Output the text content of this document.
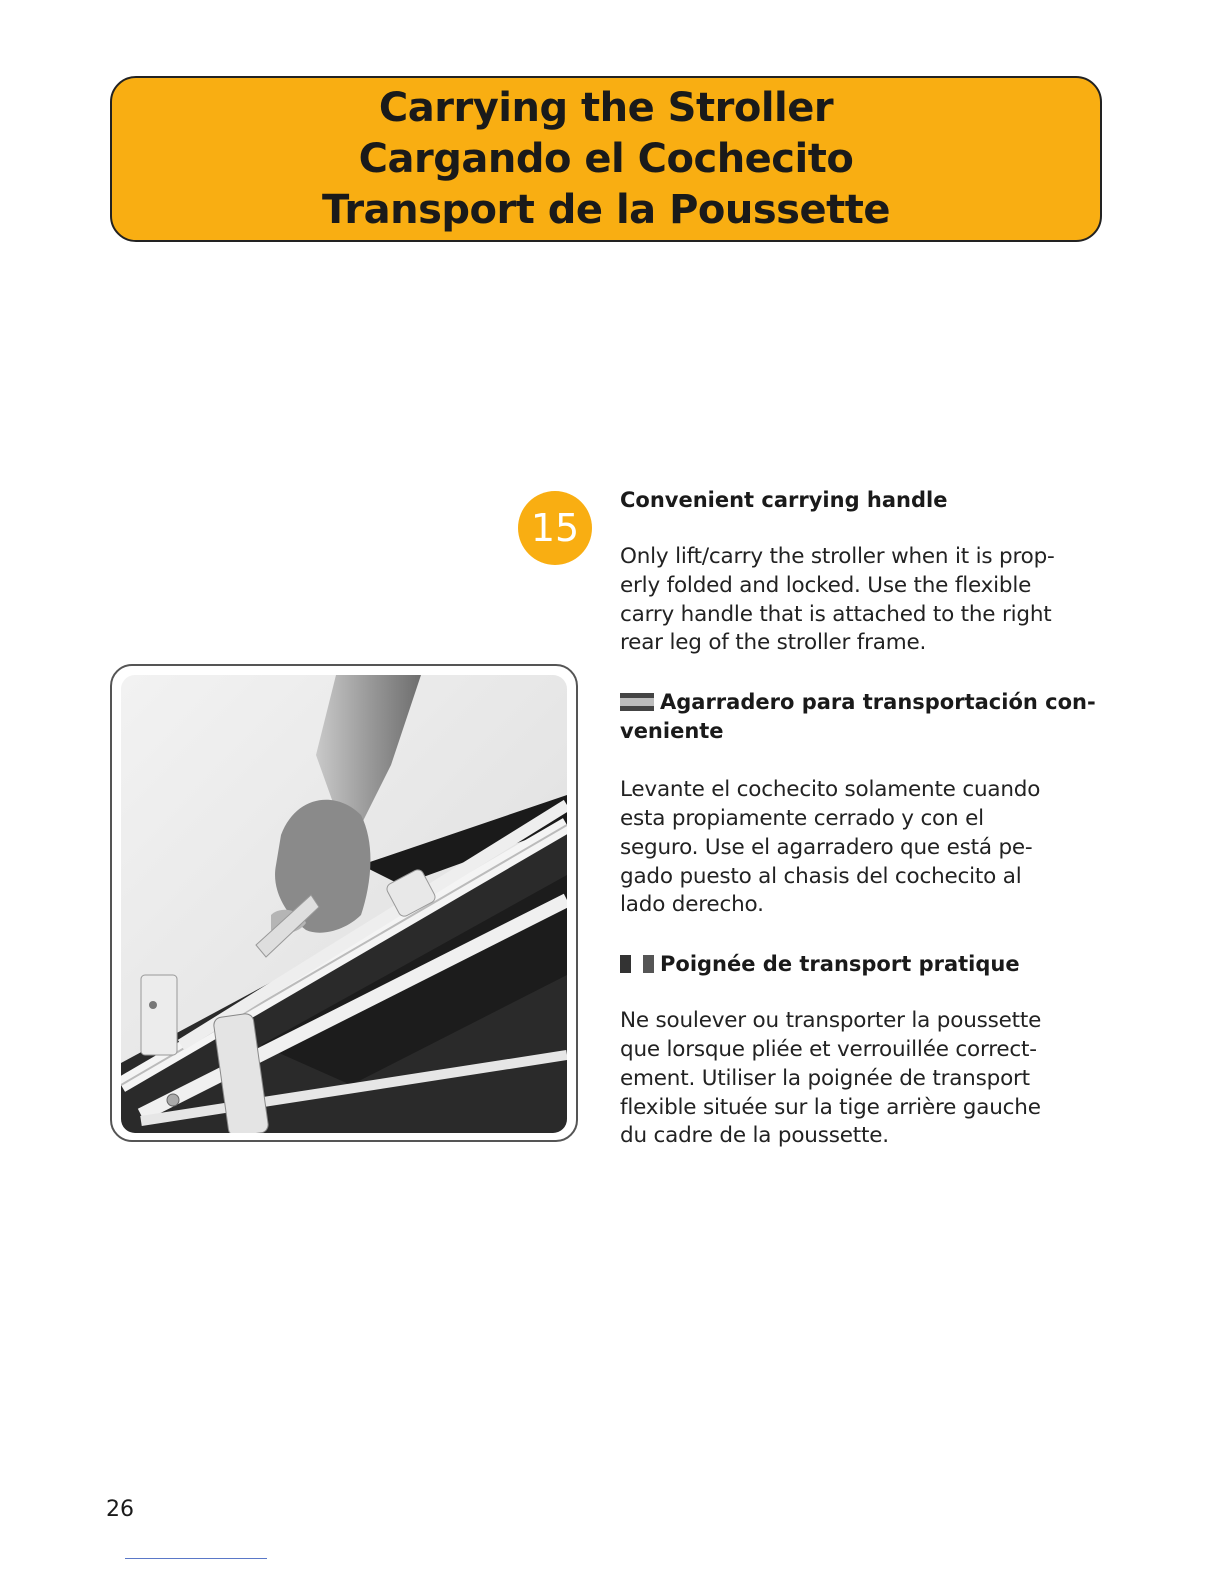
Carrying the Stroller
Cargando el Cochecito
Transport de la Poussette
15

Convenient carrying handle

Only lift/carry the stroller when it is prop-
erly folded and locked. Use the flexible
carry handle that is attached to the right
rear leg of the stroller frame.
Agarradero para transportación con-
veniente
Levante el cochecito solamente cuando
esta propiamente cerrado y con el
seguro. Use el agarradero que está pe-
gado puesto al chasis del cochecito al
lado derecho.
Poignée de transport pratique
Ne soulever ou transporter la poussette
que lorsque pliée et verrouillée correct-
ement. Utiliser la poignée de transport
flexible située sur la tige arrière gauche
du cadre de la poussette.
26
